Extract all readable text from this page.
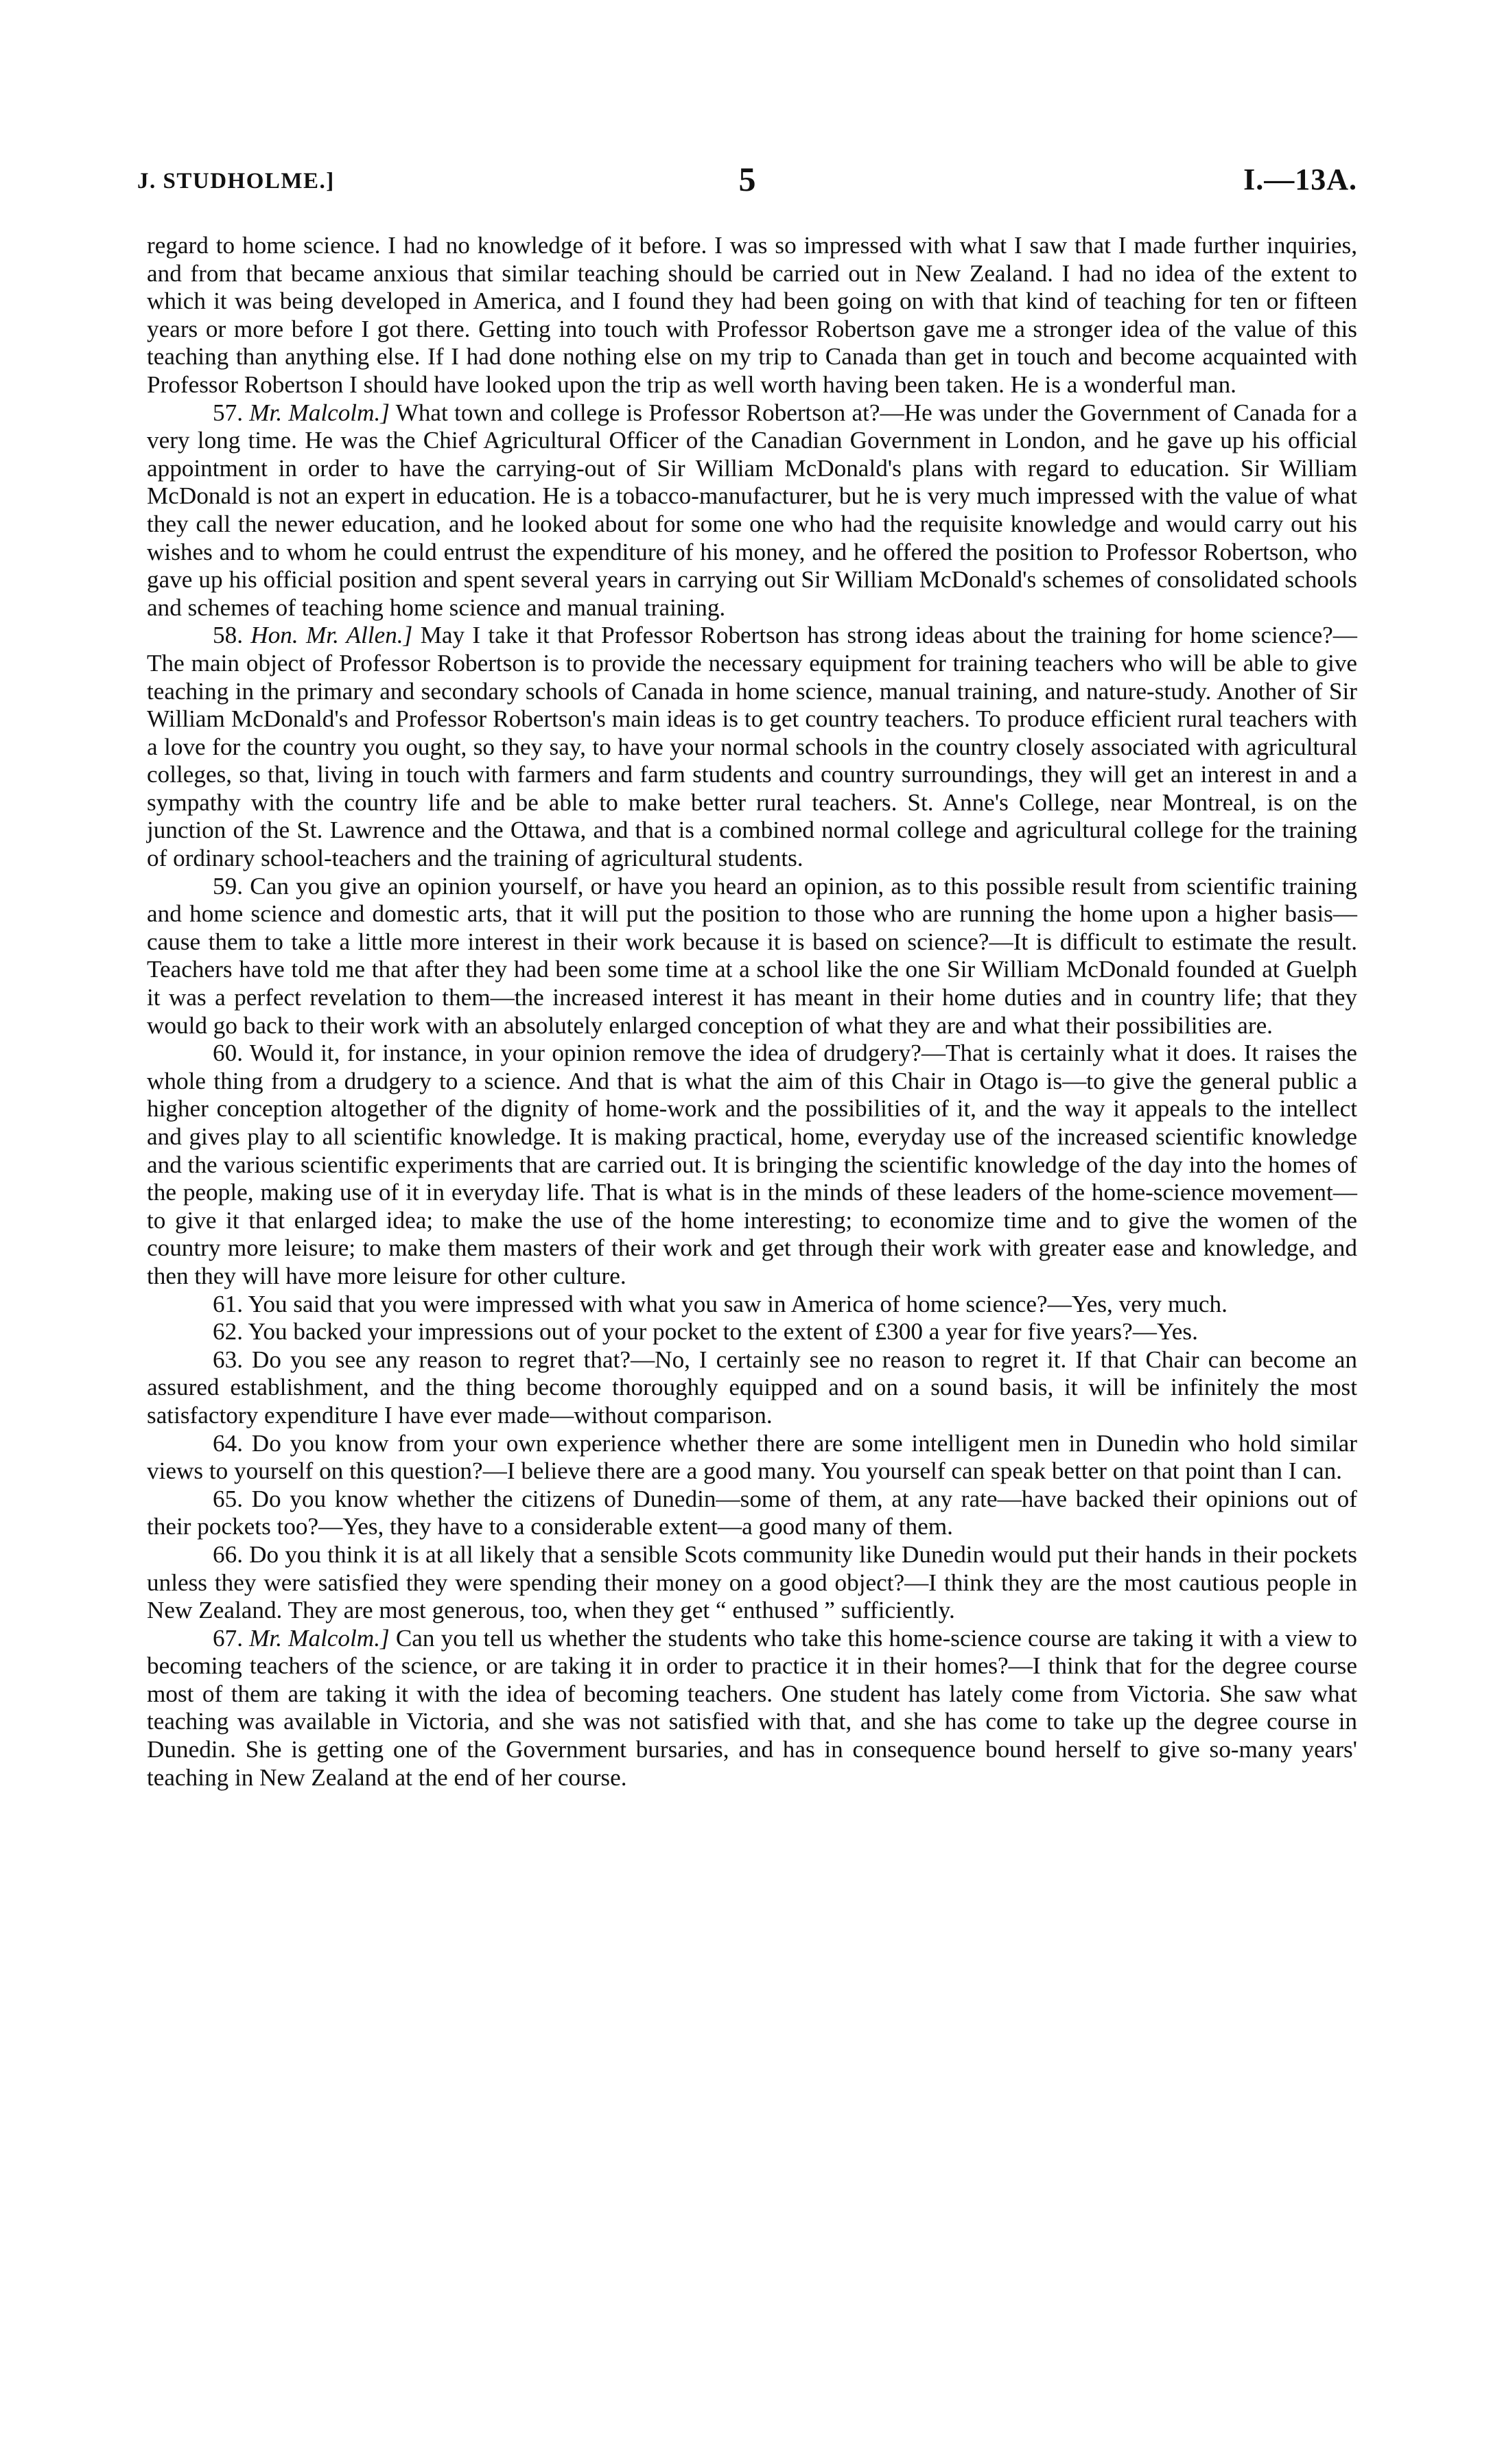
J. STUDHOLME.]	5	I.—13A.

regard to home science. I had no knowledge of it before. I was so impressed with what I saw that I made further inquiries, and from that became anxious that similar teaching should be carried out in New Zealand. I had no idea of the extent to which it was being developed in America, and I found they had been going on with that kind of teaching for ten or fifteen years or more before I got there. Getting into touch with Professor Robertson gave me a stronger idea of the value of this teaching than anything else. If I had done nothing else on my trip to Canada than get in touch and become acquainted with Professor Robertson I should have looked upon the trip as well worth having been taken. He is a wonderful man.

57. Mr. Malcolm.] What town and college is Professor Robertson at?—He was under the Government of Canada for a very long time. He was the Chief Agricultural Officer of the Canadian Government in London, and he gave up his official appointment in order to have the carrying-out of Sir William McDonald's plans with regard to education. Sir William McDonald is not an expert in education. He is a tobacco-manufacturer, but he is very much impressed with the value of what they call the newer education, and he looked about for some one who had the requisite knowledge and would carry out his wishes and to whom he could entrust the expenditure of his money, and he offered the position to Professor Robertson, who gave up his official position and spent several years in carrying out Sir William McDonald's schemes of consolidated schools and schemes of teaching home science and manual training.

58. Hon. Mr. Allen.] May I take it that Professor Robertson has strong ideas about the training for home science?—The main object of Professor Robertson is to provide the necessary equipment for training teachers who will be able to give teaching in the primary and secondary schools of Canada in home science, manual training, and nature-study. Another of Sir William McDonald's and Professor Robertson's main ideas is to get country teachers. To produce efficient rural teachers with a love for the country you ought, so they say, to have your normal schools in the country closely associated with agricultural colleges, so that, living in touch with farmers and farm students and country surroundings, they will get an interest in and a sympathy with the country life and be able to make better rural teachers. St. Anne's College, near Montreal, is on the junction of the St. Lawrence and the Ottawa, and that is a combined normal college and agricultural college for the training of ordinary school-teachers and the training of agricultural students.

59. Can you give an opinion yourself, or have you heard an opinion, as to this possible result from scientific training and home science and domestic arts, that it will put the position to those who are running the home upon a higher basis—cause them to take a little more interest in their work because it is based on science?—It is difficult to estimate the result. Teachers have told me that after they had been some time at a school like the one Sir William McDonald founded at Guelph it was a perfect revelation to them—the increased interest it has meant in their home duties and in country life; that they would go back to their work with an absolutely enlarged conception of what they are and what their possibilities are.

60. Would it, for instance, in your opinion remove the idea of drudgery?—That is certainly what it does. It raises the whole thing from a drudgery to a science. And that is what the aim of this Chair in Otago is—to give the general public a higher conception altogether of the dignity of home-work and the possibilities of it, and the way it appeals to the intellect and gives play to all scientific knowledge. It is making practical, home, everyday use of the increased scientific knowledge and the various scientific experiments that are carried out. It is bringing the scientific knowledge of the day into the homes of the people, making use of it in everyday life. That is what is in the minds of these leaders of the home-science movement—to give it that enlarged idea; to make the use of the home interesting; to economize time and to give the women of the country more leisure; to make them masters of their work and get through their work with greater ease and knowledge, and then they will have more leisure for other culture.

61. You said that you were impressed with what you saw in America of home science?—Yes, very much.

62. You backed your impressions out of your pocket to the extent of £300 a year for five years?—Yes.

63. Do you see any reason to regret that?—No, I certainly see no reason to regret it. If that Chair can become an assured establishment, and the thing become thoroughly equipped and on a sound basis, it will be infinitely the most satisfactory expenditure I have ever made—without comparison.

64. Do you know from your own experience whether there are some intelligent men in Dunedin who hold similar views to yourself on this question?—I believe there are a good many. You yourself can speak better on that point than I can.

65. Do you know whether the citizens of Dunedin—some of them, at any rate—have backed their opinions out of their pockets too?—Yes, they have to a considerable extent—a good many of them.

66. Do you think it is at all likely that a sensible Scots community like Dunedin would put their hands in their pockets unless they were satisfied they were spending their money on a good object?—I think they are the most cautious people in New Zealand. They are most generous, too, when they get “ enthused ” sufficiently.

67. Mr. Malcolm.] Can you tell us whether the students who take this home-science course are taking it with a view to becoming teachers of the science, or are taking it in order to practice it in their homes?—I think that for the degree course most of them are taking it with the idea of becoming teachers. One student has lately come from Victoria. She saw what teaching was available in Victoria, and she was not satisfied with that, and she has come to take up the degree course in Dunedin. She is getting one of the Government bursaries, and has in consequence bound herself to give so-many years' teaching in New Zealand at the end of her course.
